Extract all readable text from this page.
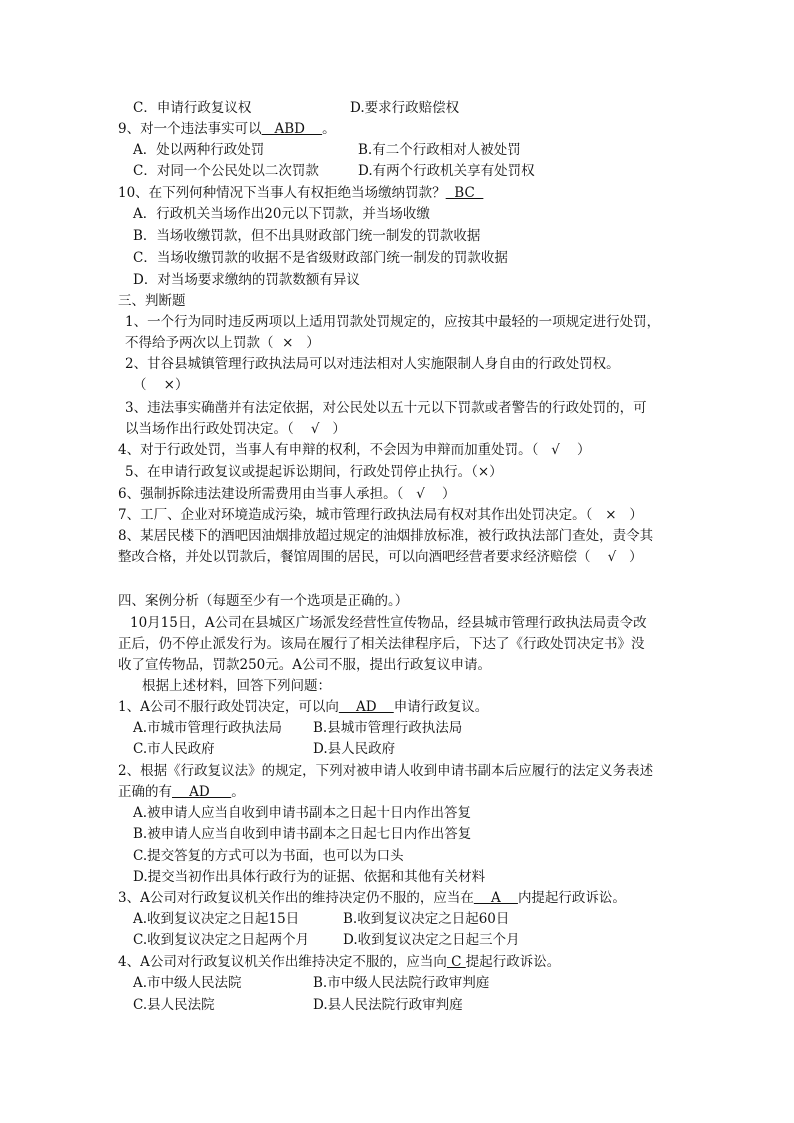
C．申请行政复议权	D.要求行政赔偿权
9、对一个违法事实可以   ABD    。
A．处以两种行政处罚	B.有二个行政相对人被处罚
C．对同一个公民处以二次罚款	D.有两个行政机关享有处罚权
10、在下列何种情况下当事人有权拒绝当场缴纳罚款？  BC
A．行政机关当场作出20元以下罚款，并当场收缴
B．当场收缴罚款，但不出具财政部门统一制发的罚款收据
C．当场收缴罚款的收据不是省级财政部门统一制发的罚款收据
D．对当场要求缴纳的罚款数额有异议
三、判断题
1、一个行为同时违反两项以上适用罚款处罚规定的，应按其中最轻的一项规定进行处罚，
不得给予两次以上罚款（  ×   ）
2、甘谷县城镇管理行政执法局可以对违法相对人实施限制人身自由的行政处罚权。
（    ×）
3、违法事实确凿并有法定依据，对公民处以五十元以下罚款或者警告的行政处罚的，可
以当场作出行政处罚决定。（    √   ）
4、对于行政处罚，当事人有申辩的权利，不会因为申辩而加重处罚。（   √    ）
5、在申请行政复议或提起诉讼期间，行政处罚停止执行。（×）
6、强制拆除违法建设所需费用由当事人承担。（   √    ）
7、工厂、企业对环境造成污染，城市管理行政执法局有权对其作出处罚决定。（   ×   ）
8、某居民楼下的酒吧因油烟排放超过规定的油烟排放标准，被行政执法部门查处，责令其
整改合格，并处以罚款后，餐馆周围的居民，可以向酒吧经营者要求经济赔偿（    √   ）
四、案例分析（每题至少有一个选项是正确的。）
10月15日，A公司在县城区广场派发经营性宣传物品，经县城市管理行政执法局责令改
正后，仍不停止派发行为。该局在履行了相关法律程序后，下达了《行政处罚决定书》没
收了宣传物品，罚款250元。A公司不服，提出行政复议申请。
根据上述材料，回答下列问题：
1、A公司不服行政处罚决定，可以向    AD    申请行政复议。
A.市城市管理行政执法局 B.县城市管理行政执法局
C.市人民政府	D.县人民政府
2、根据《行政复议法》的规定，下列对被申请人收到申请书副本后应履行的法定义务表述
正确的有    AD     。
A.被申请人应当自收到申请书副本之日起十日内作出答复
B.被申请人应当自收到申请书副本之日起七日内作出答复
C.提交答复的方式可以为书面，也可以为口头
D.提交当初作出具体行政行为的证据、依据和其他有关材料
3、A公司对行政复议机关作出的维持决定仍不服的，应当在    A    内提起行政诉讼。
A.收到复议决定之日起15日	B.收到复议决定之日起60日
C.收到复议决定之日起两个月	D.收到复议决定之日起三个月
4、A公司对行政复议机关作出维持决定不服的，应当向 C 提起行政诉讼。
A.市中级人民法院	B.市中级人民法院行政审判庭
C.县人民法院	D.县人民法院行政审判庭
